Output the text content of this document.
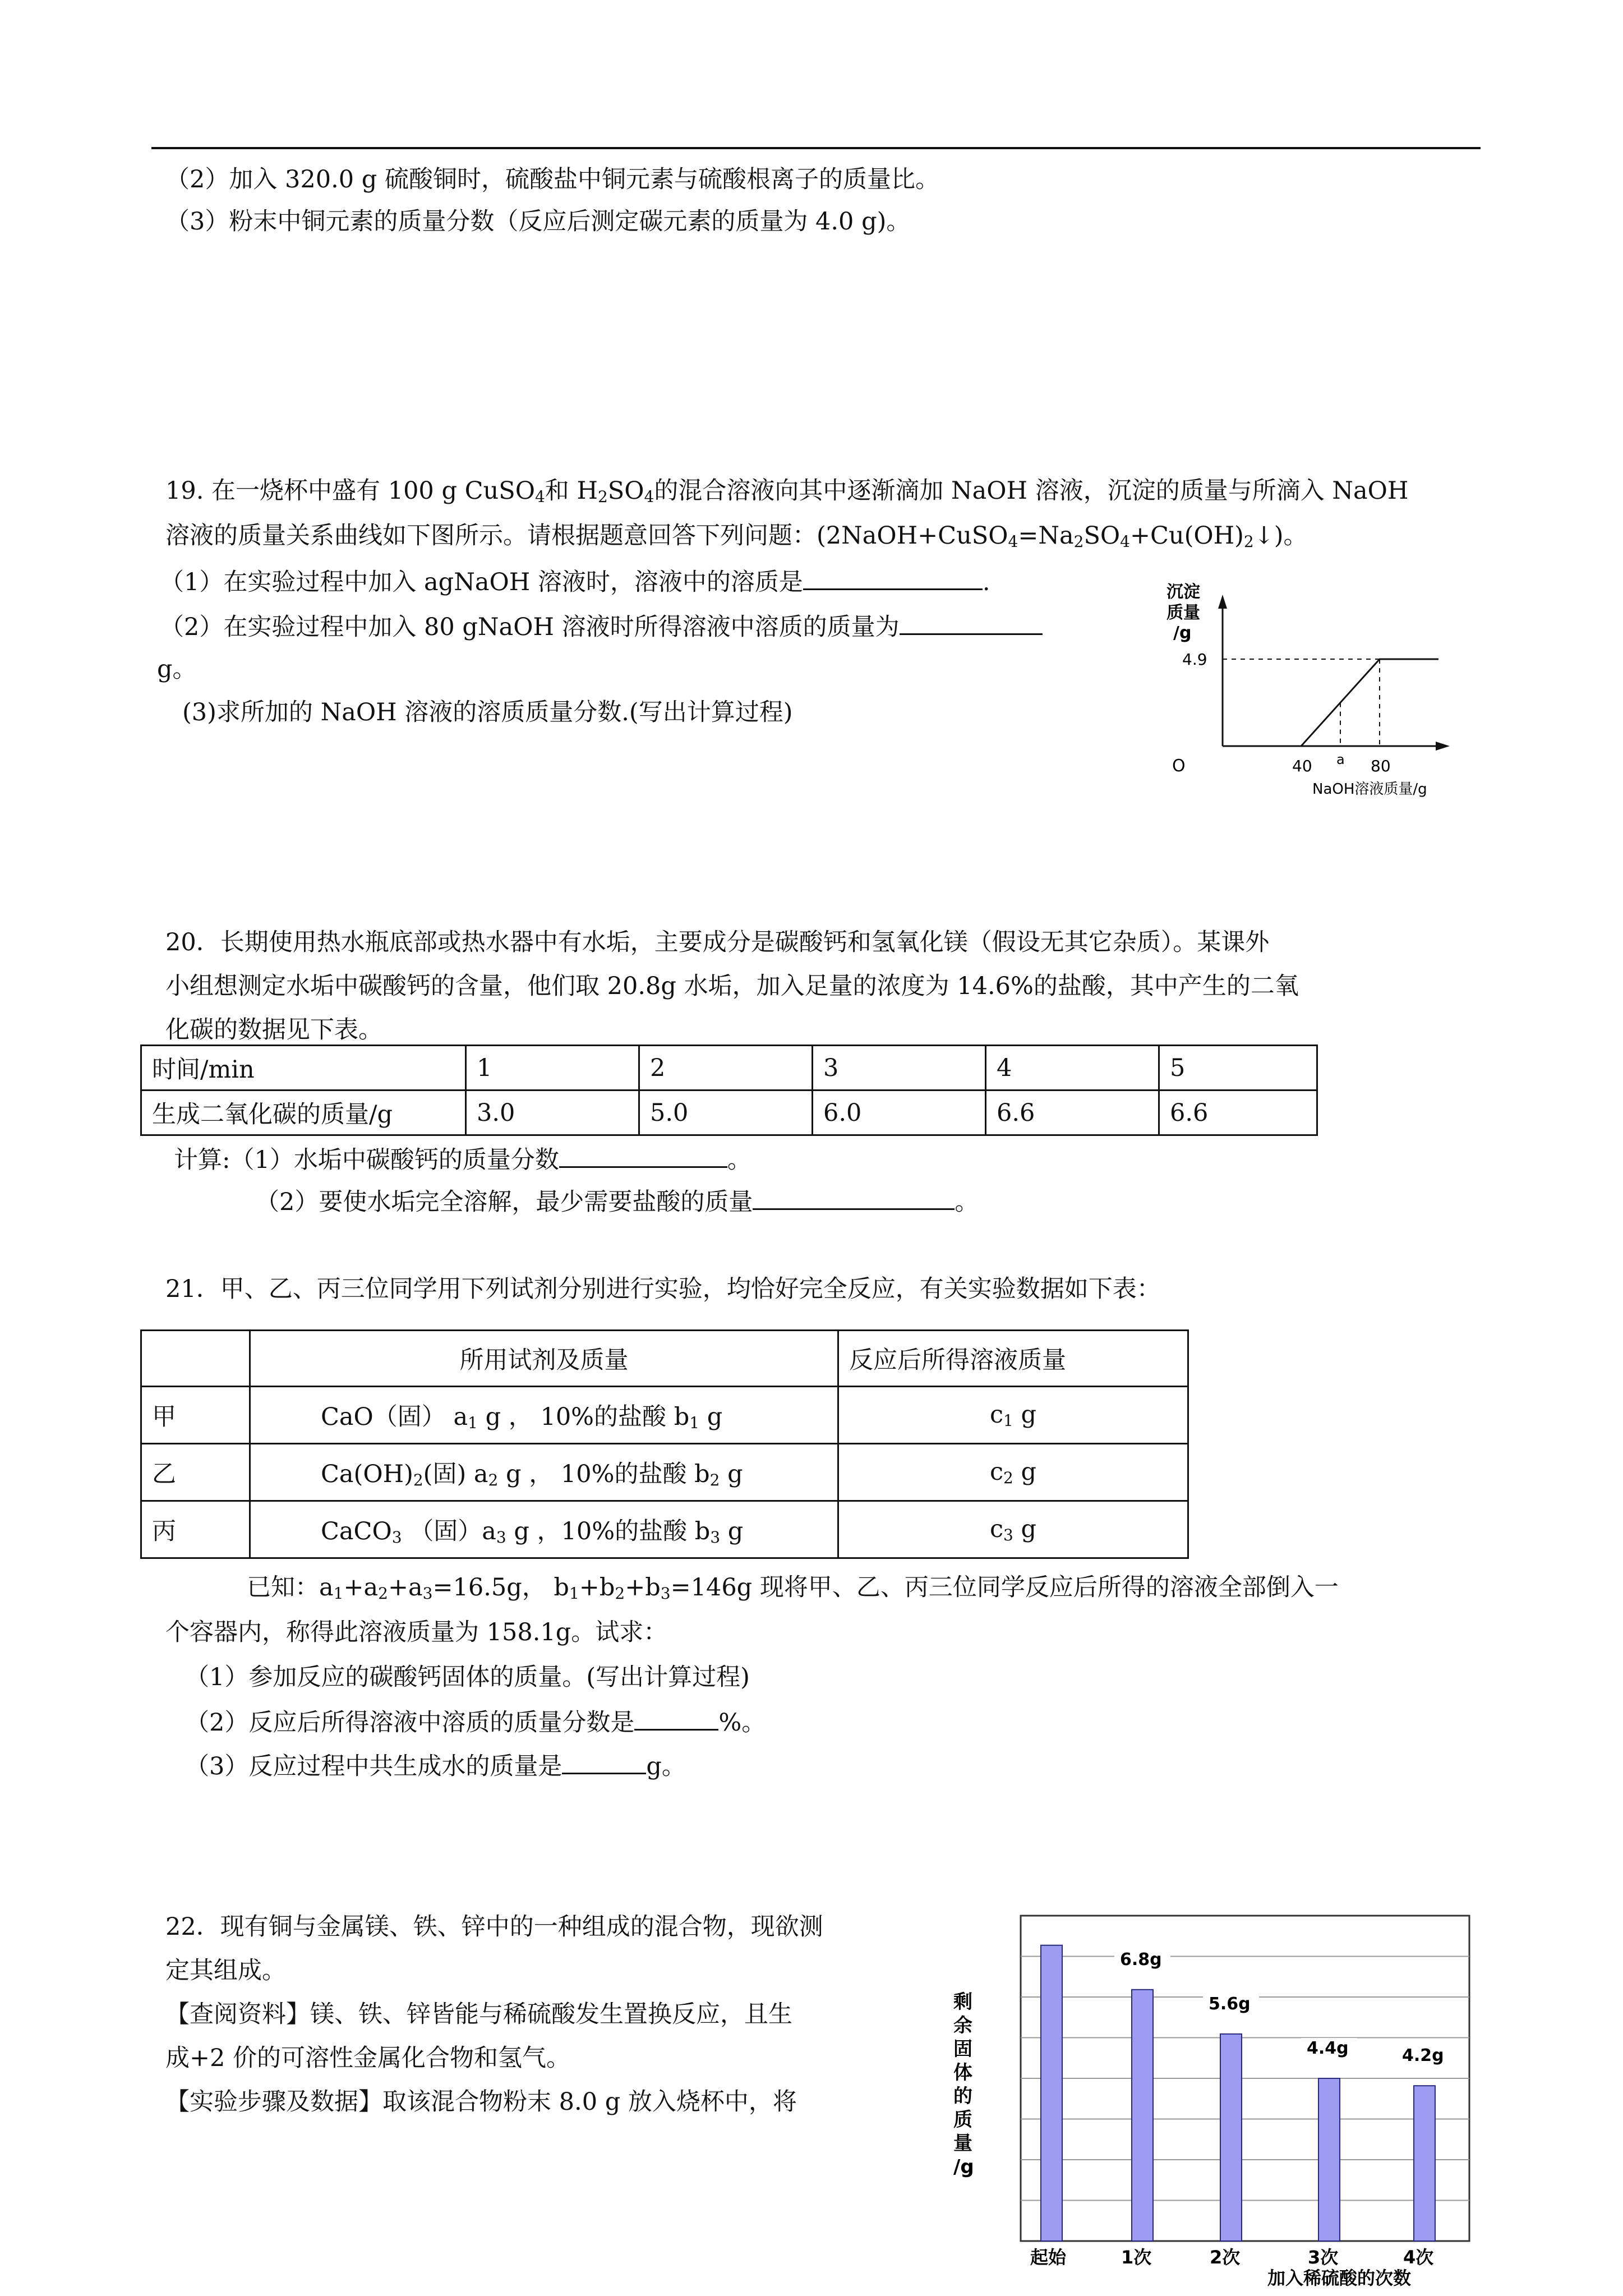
（2）加入 320.0 g 硫酸铜时，硫酸盐中铜元素与硫酸根离子的质量比。
（3）粉末中铜元素的质量分数（反应后测定碳元素的质量为 4.0 g)。
19. 在一烧杯中盛有 100 g CuSO$_4$和 $H_2SO_4$的混合溶液向其中逐渐滴加 NaOH 溶液，沉淀的质量与所滴入 NaOH
溶液的质量关系曲线如下图所示。请根据题意回答下列问题：$(2NaOH+CuSO_4=Na_2SO_4+Cu(OH)_2↓)$。
（1）在实验过程中加入 agNaOH 溶液时，溶液中的溶质是	.
（2）在实验过程中加入 80 gNaOH 溶液时所得溶液中溶质的质量为
g。
(3)求所加的 NaOH 溶液的溶质质量分数.(写出计算过程)
沉淀
质量
/g
4.9
O	40 a 80
NaOH溶液质量/g
20．长期使用热水瓶底部或热水器中有水垢，主要成分是碳酸钙和氢氧化镁（假设无其它杂质）。某课外
小组想测定水垢中碳酸钙的含量，他们取 20.8g 水垢，加入足量的浓度为 14.6%的盐酸，其中产生的二氧
化碳的数据见下表。
时间/min	1	2	3	4	5
生成二氧化碳的质量/g	3.0	5.0	6.0	6.6	6.6
计算:（1）水垢中碳酸钙的质量分数	。
（2）要使水垢完全溶解，最少需要盐酸的质量	。
21．甲、乙、丙三位同学用下列试剂分别进行实验，均恰好完全反应，有关实验数据如下表：
	所用试剂及质量	反应后所得溶液质量
甲	CaO（固） $a_1$ g ， 10%的盐酸 $b_1$ g	$c_1$ g
乙	$Ca(OH)_2$(固) $a_2$ g ， 10%的盐酸 $b_2$ g	$c_2$ g
丙	CaCO$_3$ （固）$a_3$ g ，10%的盐酸 $b_3$ g	$c_3$ g
已知：$a_1+a_2+a_3=16.5g$， $b_1+b_2+b_3=146g$ 现将甲、乙、丙三位同学反应后所得的溶液全部倒入一
个容器内，称得此溶液质量为 158.1g。试求：
（1）参加反应的碳酸钙固体的质量。(写出计算过程)
（2）反应后所得溶液中溶质的质量分数是	%。
（3）反应过程中共生成水的质量是	g。
22．现有铜与金属镁、铁、锌中的一种组成的混合物，现欲测
定其组成。
【查阅资料】镁、铁、锌皆能与稀硫酸发生置换反应，且生
成+2 价的可溶性金属化合物和氢气。
【实验步骤及数据】取该混合物粉末 8.0 g 放入烧杯中，将
剩
余
固
体
的
质
量
/g
6.8g
5.6g
4.4g	4.2g
起始	1次	2次	3次	4次
加入稀硫酸的次数
